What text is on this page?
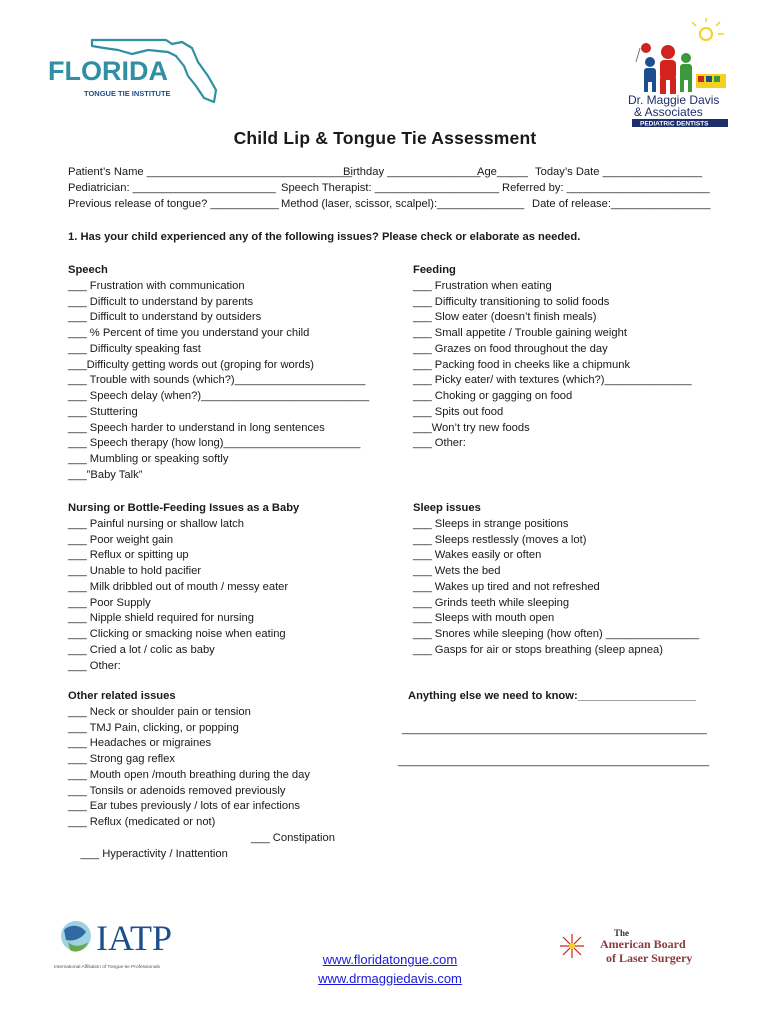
FLORIDA
TONGUE TIE INSTITUTE	Dr. Maggie Davis
& Associates
PEDIATRIC DENTISTS
Child Lip & Tongue Tie Assessment

Patient’s Name _________________________________

Birthday _______________

Age_____

Today’s Date ________________

Pediatrician: _______________________

Speech Therapist: ____________________

Referred by: _______________________

Previous release of tongue? ___________

Method (laser, scissor, scalpel):______________

Date of release:________________

1. Has your child experienced any of the following issues? Please check or elaborate as needed.
Speech
___ Frustration with communication
___ Difficult to understand by parents
___ Difficult to understand by outsiders
___ % Percent of time you understand your child
___ Difficulty speaking fast
___Difficulty getting words out (groping for words)
___ Trouble with sounds (which?)_____________________
___ Speech delay (when?)___________________________
___ Stuttering
___ Speech harder to understand in long sentences
___ Speech therapy (how long)______________________
___ Mumbling or speaking softly
___”Baby Talk”
Feeding
___ Frustration when eating
___ Difficulty transitioning to solid foods
___ Slow eater (doesn’t finish meals)
___ Small appetite / Trouble gaining weight
___ Grazes on food throughout the day
___ Packing food in cheeks like a chipmunk
___ Picky eater/ with textures (which?)______________
___ Choking or gagging on food
___ Spits out food
___Won’t try new foods
___ Other:
Nursing or Bottle-Feeding Issues as a Baby
___ Painful nursing or shallow latch
___ Poor weight gain
___ Reflux or spitting up
___ Unable to hold pacifier
___ Milk dribbled out of mouth / messy eater
___ Poor Supply
___ Nipple shield required for nursing
___ Clicking or smacking noise when eating
___ Cried a lot / colic as baby
___ Other:
Sleep issues
___ Sleeps in strange positions
___ Sleeps restlessly (moves a lot)
___ Wakes easily or often
___ Wets the bed
___ Wakes up tired and not refreshed
___ Grinds teeth while sleeping
___ Sleeps with mouth open
___ Snores while sleeping (how often) _______________
___ Gasps for air or stops breathing (sleep apnea)
Other related issues
___ Neck or shoulder pain or tension
___ TMJ Pain, clicking, or popping
___ Headaches or migraines
___ Strong gag reflex
___ Mouth open /mouth breathing during the day
___ Tonsils or adenoids removed previously
___ Ear tubes previously / lots of ear infections
___ Reflux (medicated or not)

___ Hyperactivity / Inattention

___ Constipation

Anything else we need to know:___________________
_________________________________________________
__________________________________________________
IATP
International Affiliation of Tongue-tie Professionals
The
American Board
of Laser Surgery
www.floridatongue.com
www.drmaggiedavis.com
